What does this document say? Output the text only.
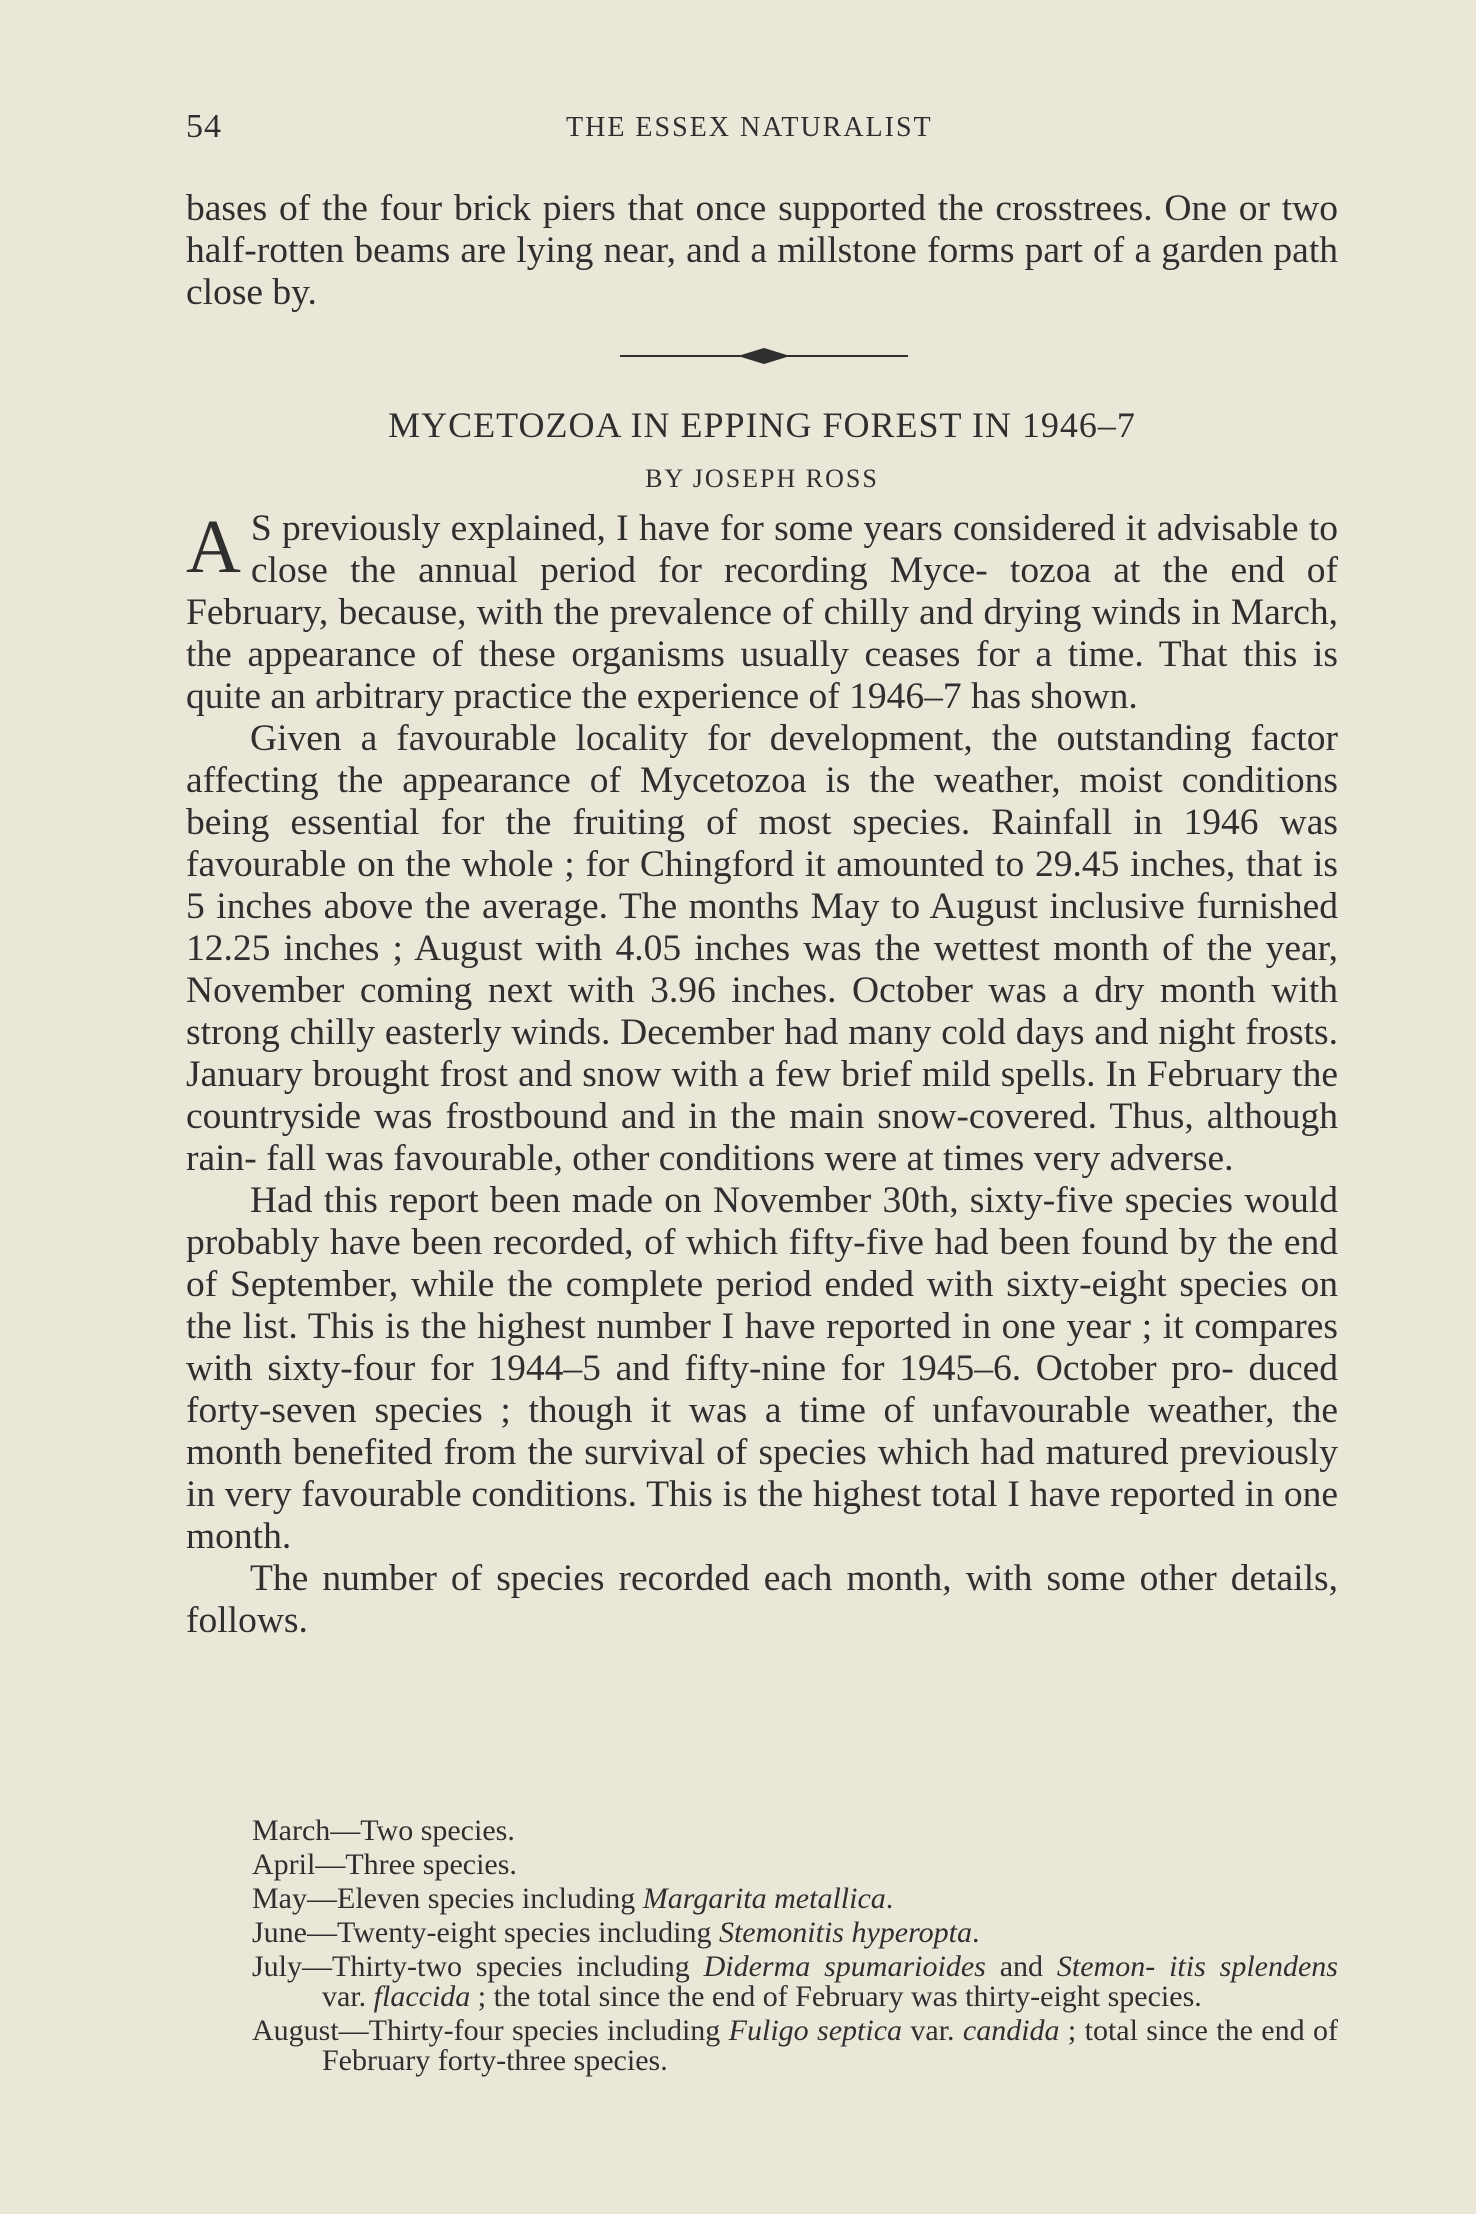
54	THE ESSEX NATURALIST

bases of the four brick piers that once supported the crosstrees. One or two half-rotten beams are lying near, and a millstone forms part of a garden path close by.

MYCETOZOA IN EPPING FOREST IN 1946–7
BY JOSEPH ROSS

A S previously explained, I have for some years considered it advisable to close the annual period for recording Myce- tozoa at the end of February, because, with the prevalence of chilly and drying winds in March, the appearance of these organisms usually ceases for a time. That this is quite an arbitrary practice the experience of 1946–7 has shown.

Given a favourable locality for development, the outstanding factor affecting the appearance of Mycetozoa is the weather, moist conditions being essential for the fruiting of most species. Rainfall in 1946 was favourable on the whole ; for Chingford it amounted to 29.45 inches, that is 5 inches above the average. The months May to August inclusive furnished 12.25 inches ; August with 4.05 inches was the wettest month of the year, November coming next with 3.96 inches. October was a dry month with strong chilly easterly winds. December had many cold days and night frosts. January brought frost and snow with a few brief mild spells. In February the countryside was frostbound and in the main snow-covered. Thus, although rain- fall was favourable, other conditions were at times very adverse.

Had this report been made on November 30th, sixty-five species would probably have been recorded, of which fifty-five had been found by the end of September, while the complete period ended with sixty-eight species on the list. This is the highest number I have reported in one year ; it compares with sixty-four for 1944–5 and fifty-nine for 1945–6. October pro- duced forty-seven species ; though it was a time of unfavourable weather, the month benefited from the survival of species which had matured previously in very favourable conditions. This is the highest total I have reported in one month.

The number of species recorded each month, with some other details, follows.

March—Two species.

April—Three species.

May—Eleven species including Margarita metallica.

June—Twenty-eight species including Stemonitis hyperopta.

July—Thirty-two species including Diderma spumarioides and Stemon- itis splendens var. flaccida ; the total since the end of February was thirty-eight species.

August—Thirty-four species including Fuligo septica var. candida ; total since the end of February forty-three species.
